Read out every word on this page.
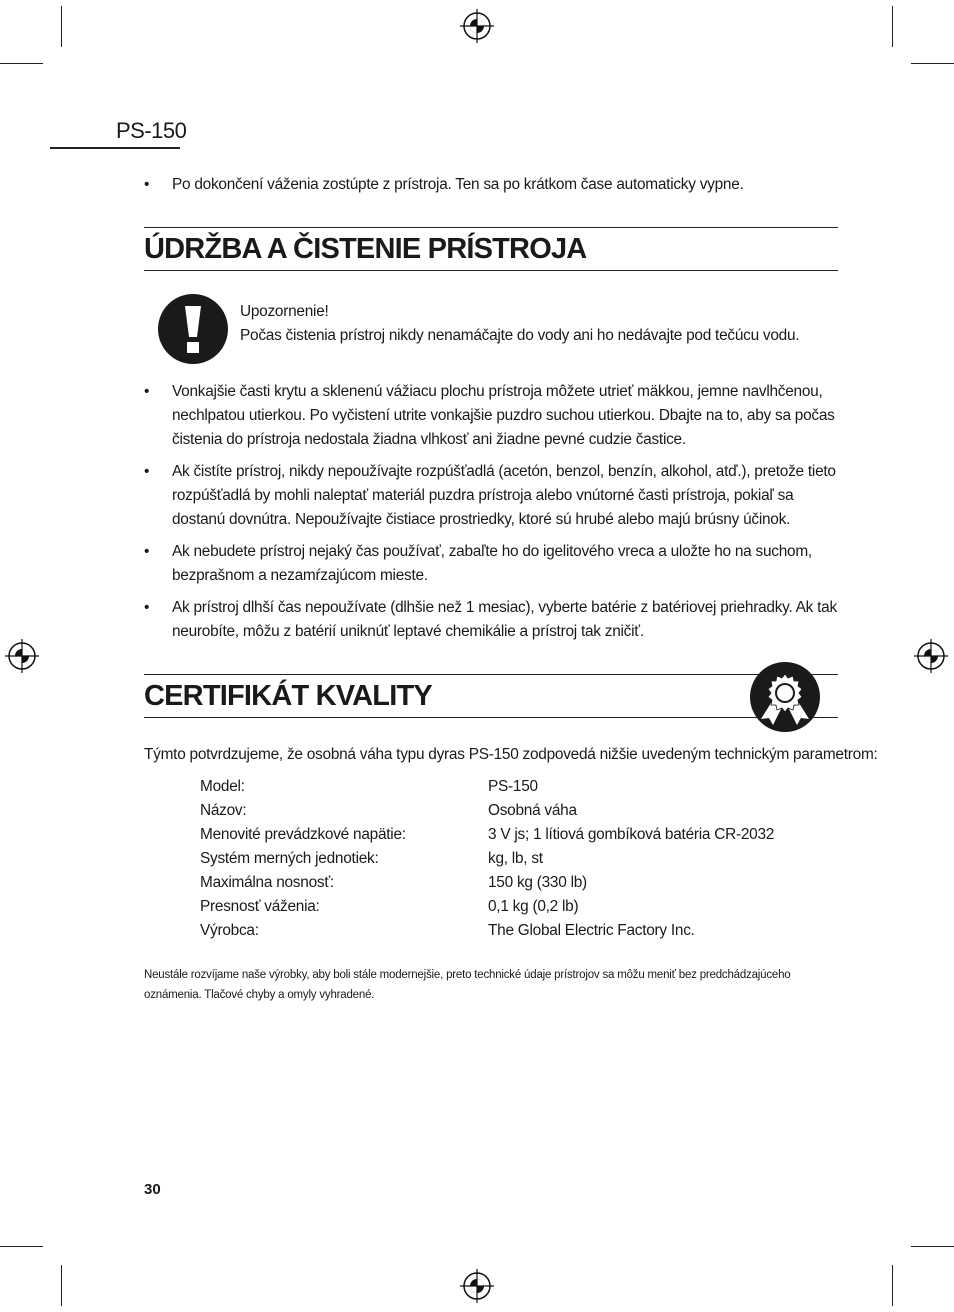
PS-150
• Po dokončení váženia zostúpte z prístroja. Ten sa po krátkom čase automaticky vypne.
ÚDRŽBA A ČISTENIE PRÍSTROJA
Upozornenie!
Počas čistenia prístroj nikdy nenamáčajte do vody ani ho nedávajte pod tečúcu vodu.
• Vonkajšie časti krytu a sklenenú vážiacu plochu prístroja môžete utrieť mäkkou, jemne navlhčenou, nechlpatou utierkou. Po vyčistení utrite vonkajšie puzdro suchou utierkou. Dbajte na to, aby sa počas čistenia do prístroja nedostala žiadna vlhkosť ani žiadne pevné cudzie častice.
• Ak čistíte prístroj, nikdy nepoužívajte rozpúšťadlá (acetón, benzol, benzín, alkohol, atď.), pretože tieto rozpúšťadlá by mohli naleptať materiál puzdra prístroja alebo vnútorné časti prístroja, pokiaľ sa dostanú dovnútra. Nepoužívajte čistiace prostriedky, ktoré sú hrubé alebo majú brúsny účinok.
• Ak nebudete prístroj nejaký čas používať, zabaľte ho do igelitového vreca a uložte ho na suchom, bezprašnom a nezamŕzajúcom mieste.
• Ak prístroj dlhší čas nepoužívate (dlhšie než 1 mesiac), vyberte batérie z batériovej priehradky. Ak tak neurobíte, môžu z batérií uniknúť leptavé chemikálie a prístroj tak zničiť.
CERTIFIKÁT KVALITY
Týmto potvrdzujeme, že osobná váha typu dyras PS-150 zodpovedá nižšie uvedeným technickým parametrom:
Model:	PS-150
Názov:	Osobná váha
Menovité prevádzkové napätie:	3 V js; 1 lítiová gombíková batéria CR-2032
Systém merných jednotiek:	kg, lb, st
Maximálna nosnosť:	150 kg (330 lb)
Presnosť váženia:	0,1 kg (0,2 lb)
Výrobca:	The Global Electric Factory Inc.
Neustále rozvíjame naše výrobky, aby boli stále modernejšie, preto technické údaje prístrojov sa môžu meniť bez predchádzajúceho oznámenia. Tlačové chyby a omyly vyhradené.
30
